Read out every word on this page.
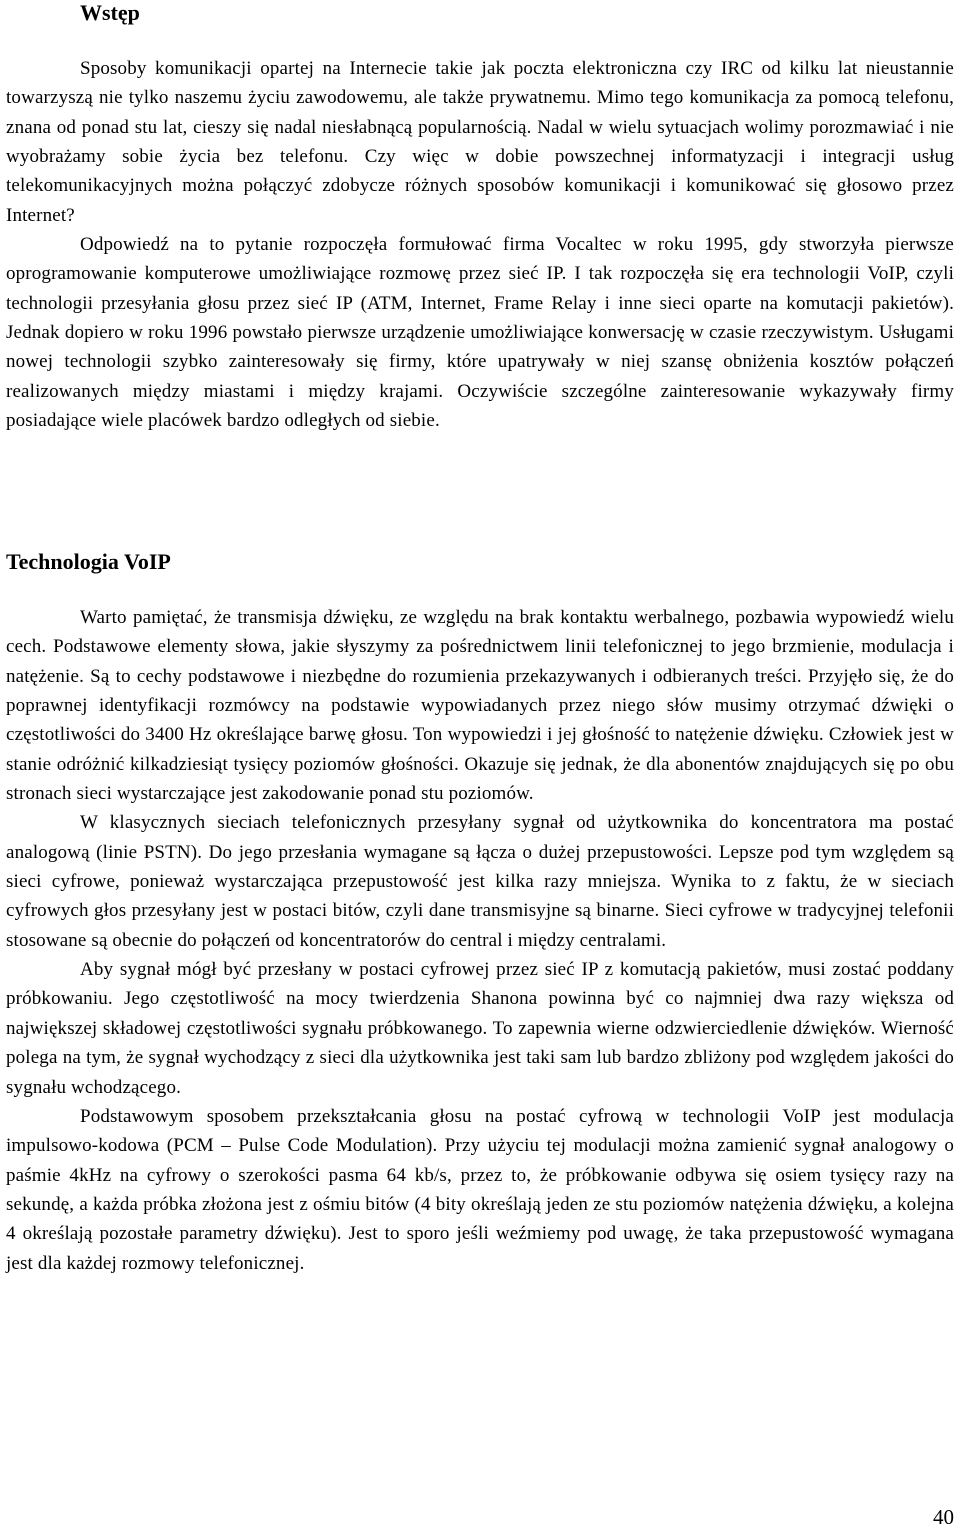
Wstęp

Sposoby komunikacji opartej na Internecie takie jak poczta elektroniczna czy IRC od kilku lat nieustannie towarzyszą nie tylko naszemu życiu zawodowemu, ale także prywatnemu. Mimo tego komunikacja za pomocą telefonu, znana od ponad stu lat, cieszy się nadal niesłabnącą popularnością. Nadal w wielu sytuacjach wolimy porozmawiać i nie wyobrażamy sobie życia bez telefonu. Czy więc w dobie powszechnej informatyzacji i integracji usług telekomunikacyjnych można połączyć zdobycze różnych sposobów komunikacji i komunikować się głosowo przez Internet?

Odpowiedź na to pytanie rozpoczęła formułować firma Vocaltec w roku 1995, gdy stworzyła pierwsze oprogramowanie komputerowe umożliwiające rozmowę przez sieć IP. I tak rozpoczęła się era technologii VoIP, czyli technologii przesyłania głosu przez sieć IP (ATM, Internet, Frame Relay i inne sieci oparte na komutacji pakietów). Jednak dopiero w roku 1996 powstało pierwsze urządzenie umożliwiające konwersację w czasie rzeczywistym. Usługami nowej technologii szybko zainteresowały się firmy, które upatrywały w niej szansę obniżenia kosztów połączeń realizowanych między miastami i między krajami. Oczywiście szczególne zainteresowanie wykazywały firmy posiadające wiele placówek bardzo odległych od siebie.

Technologia VoIP

Warto pamiętać, że transmisja dźwięku, ze względu na brak kontaktu werbalnego, pozbawia wypowiedź wielu cech. Podstawowe elementy słowa, jakie słyszymy za pośrednictwem linii telefonicznej to jego brzmienie, modulacja i natężenie. Są to cechy podstawowe i niezbędne do rozumienia przekazywanych i odbieranych treści. Przyjęło się, że do poprawnej identyfikacji rozmówcy na podstawie wypowiadanych przez niego słów musimy otrzymać dźwięki o częstotliwości do 3400 Hz określające barwę głosu. Ton wypowiedzi i jej głośność to natężenie dźwięku. Człowiek jest w stanie odróżnić kilkadziesiąt tysięcy poziomów głośności. Okazuje się jednak, że dla abonentów znajdujących się po obu stronach sieci wystarczające jest zakodowanie ponad stu poziomów.

W klasycznych sieciach telefonicznych przesyłany sygnał od użytkownika do koncentratora ma postać analogową (linie PSTN). Do jego przesłania wymagane są łącza o dużej przepustowości. Lepsze pod tym względem są sieci cyfrowe, ponieważ wystarczająca przepustowość jest kilka razy mniejsza. Wynika to z faktu, że w sieciach cyfrowych głos przesyłany jest w postaci bitów, czyli dane transmisyjne są binarne. Sieci cyfrowe w tradycyjnej telefonii stosowane są obecnie do połączeń od koncentratorów do central i między centralami.

Aby sygnał mógł być przesłany w postaci cyfrowej przez sieć IP z komutacją pakietów, musi zostać poddany próbkowaniu. Jego częstotliwość na mocy twierdzenia Shanona powinna być co najmniej dwa razy większa od największej składowej częstotliwości sygnału próbkowanego. To zapewnia wierne odzwierciedlenie dźwięków. Wierność polega na tym, że sygnał wychodzący z sieci dla użytkownika jest taki sam lub bardzo zbliżony pod względem jakości do sygnału wchodzącego.

Podstawowym sposobem przekształcania głosu na postać cyfrową w technologii VoIP jest modulacja impulsowo-kodowa (PCM – Pulse Code Modulation). Przy użyciu tej modulacji można zamienić sygnał analogowy o paśmie 4kHz na cyfrowy o szerokości pasma 64 kb/s, przez to, że próbkowanie odbywa się osiem tysięcy razy na sekundę, a każda próbka złożona jest z ośmiu bitów (4 bity określają jeden ze stu poziomów natężenia dźwięku, a kolejna 4 określają pozostałe parametry dźwięku). Jest to sporo jeśli weźmiemy pod uwagę, że taka przepustowość wymagana jest dla każdej rozmowy telefonicznej.

40
